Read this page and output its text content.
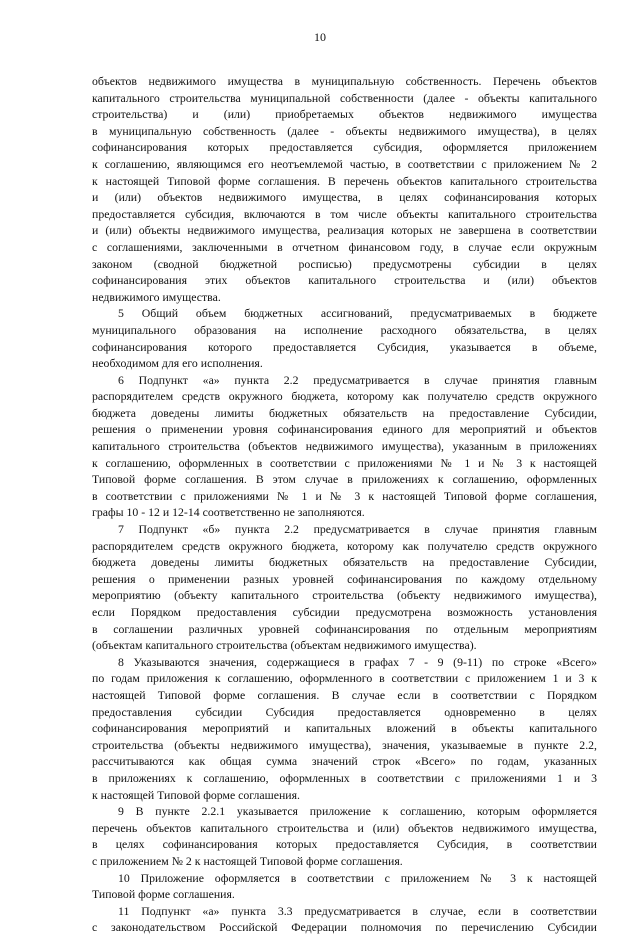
10
объектов недвижимого имущества в муниципальную собственность. Перечень объектов
капитального строительства муниципальной собственности (далее - объекты капитального
строительства) и (или) приобретаемых объектов недвижимого имущества
в муниципальную собственность (далее - объекты недвижимого имущества), в целях
софинансирования которых предоставляется субсидия, оформляется приложением
к соглашению, являющимся его неотъемлемой частью, в соответствии с приложением № 2
к настоящей Типовой форме соглашения. В перечень объектов капитального строительства
и (или) объектов недвижимого имущества, в целях софинансирования которых
предоставляется субсидия, включаются в том числе объекты капитального строительства
и (или) объекты недвижимого имущества, реализация которых не завершена в соответствии
с соглашениями, заключенными в отчетном финансовом году, в случае если окружным
законом (сводной бюджетной росписью) предусмотрены субсидии в целях
софинансирования этих объектов капитального строительства и (или) объектов
недвижимого имущества.
5 Общий объем бюджетных ассигнований, предусматриваемых в бюджете
муниципального образования на исполнение расходного обязательства, в целях
софинансирования которого предоставляется Субсидия, указывается в объеме,
необходимом для его исполнения.
6 Подпункт «а» пункта 2.2 предусматривается в случае принятия главным
распорядителем средств окружного бюджета, которому как получателю средств окружного
бюджета доведены лимиты бюджетных обязательств на предоставление Субсидии,
решения о применении уровня софинансирования единого для мероприятий и объектов
капитального строительства (объектов недвижимого имущества), указанным в приложениях
к соглашению, оформленных в соответствии с приложениями № 1 и № 3 к настоящей
Типовой форме соглашения. В этом случае в приложениях к соглашению, оформленных
в соответствии с приложениями № 1 и № 3 к настоящей Типовой форме соглашения,
графы 10 - 12 и 12-14 соответственно не заполняются.
7 Подпункт «б» пункта 2.2 предусматривается в случае принятия главным
распорядителем средств окружного бюджета, которому как получателю средств окружного
бюджета доведены лимиты бюджетных обязательств на предоставление Субсидии,
решения о применении разных уровней софинансирования по каждому отдельному
мероприятию (объекту капитального строительства (объекту недвижимого имущества),
если Порядком предоставления субсидии предусмотрена возможность установления
в соглашении различных уровней софинансирования по отдельным мероприятиям
(объектам капитального строительства (объектам недвижимого имущества).
8 Указываются значения, содержащиеся в графах 7 - 9 (9-11) по строке «Всего»
по годам приложения к соглашению, оформленного в соответствии с приложением 1 и 3 к
настоящей Типовой форме соглашения. В случае если в соответствии с Порядком
предоставления субсидии Субсидия предоставляется одновременно в целях
софинансирования мероприятий и капитальных вложений в объекты капитального
строительства (объекты недвижимого имущества), значения, указываемые в пункте 2.2,
рассчитываются как общая сумма значений строк «Всего» по годам, указанных
в приложениях к соглашению, оформленных в соответствии с приложениями 1 и 3
к настоящей Типовой форме соглашения.
9 В пункте 2.2.1 указывается приложение к соглашению, которым оформляется
перечень объектов капитального строительства и (или) объектов недвижимого имущества,
в целях софинансирования которых предоставляется Субсидия, в соответствии
с приложением № 2 к настоящей Типовой форме соглашения.
10 Приложение оформляется в соответствии с приложением № 3 к настоящей
Типовой форме соглашения.
11 Подпункт «а» пункта 3.3 предусматривается в случае, если в соответствии
с законодательством Российской Федерации полномочия по перечислению Субсидии
